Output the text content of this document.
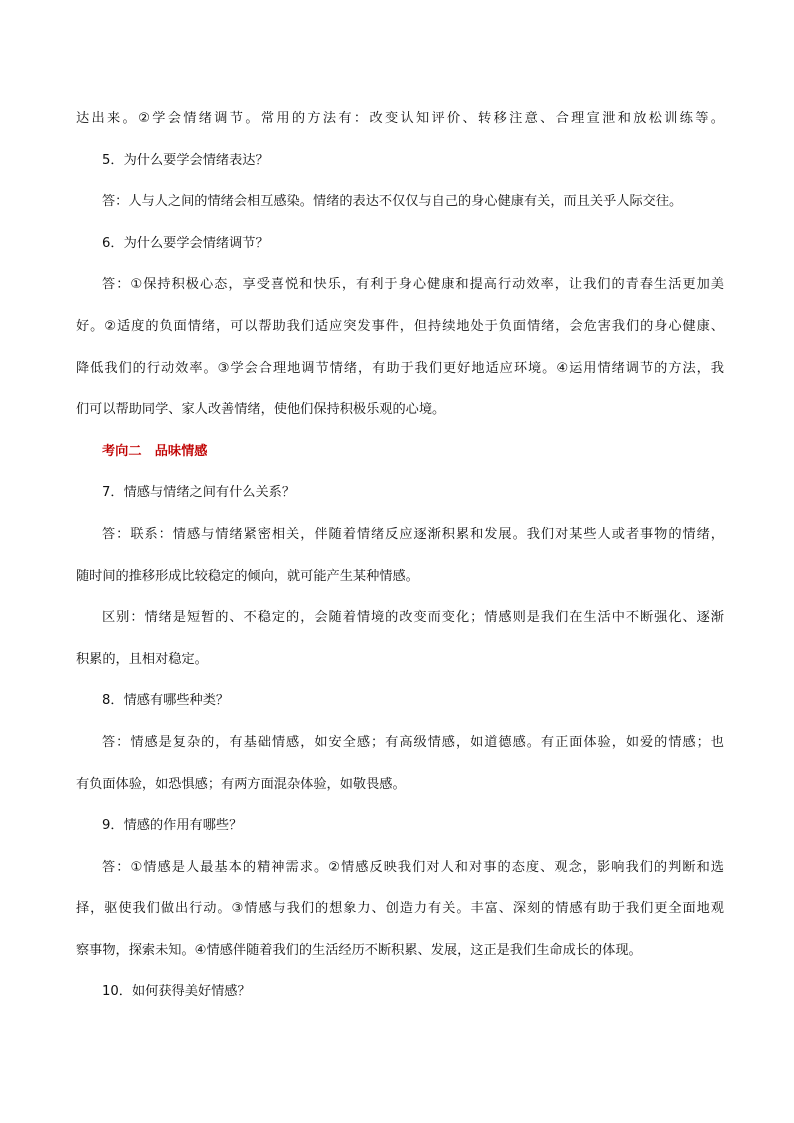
达出来。②学会情绪调节。常用的方法有：改变认知评价、转移注意、合理宣泄和放松训练等。
5．为什么要学会情绪表达？
答：人与人之间的情绪会相互感染。情绪的表达不仅仅与自己的身心健康有关，而且关乎人际交往。
6．为什么要学会情绪调节？
答：①保持积极心态，享受喜悦和快乐，有利于身心健康和提高行动效率，让我们的青春生活更加美
好。②适度的负面情绪，可以帮助我们适应突发事件，但持续地处于负面情绪，会危害我们的身心健康、
降低我们的行动效率。③学会合理地调节情绪，有助于我们更好地适应环境。④运用情绪调节的方法，我
们可以帮助同学、家人改善情绪，使他们保持积极乐观的心境。
考向二　品味情感
7．情感与情绪之间有什么关系？
答：联系：情感与情绪紧密相关，伴随着情绪反应逐渐积累和发展。我们对某些人或者事物的情绪，
随时间的推移形成比较稳定的倾向，就可能产生某种情感。
区别：情绪是短暂的、不稳定的，会随着情境的改变而变化；情感则是我们在生活中不断强化、逐渐
积累的，且相对稳定。
8．情感有哪些种类？
答：情感是复杂的，有基础情感，如安全感；有高级情感，如道德感。有正面体验，如爱的情感；也
有负面体验，如恐惧感；有两方面混杂体验，如敬畏感。
9．情感的作用有哪些？
答：①情感是人最基本的精神需求。②情感反映我们对人和对事的态度、观念，影响我们的判断和选
择，驱使我们做出行动。③情感与我们的想象力、创造力有关。丰富、深刻的情感有助于我们更全面地观
察事物，探索未知。④情感伴随着我们的生活经历不断积累、发展，这正是我们生命成长的体现。
10．如何获得美好情感？
